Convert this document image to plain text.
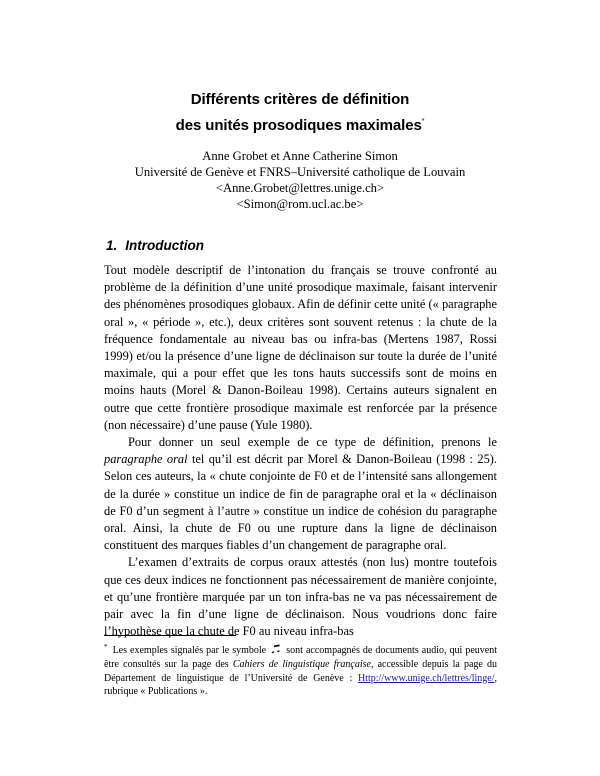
Différents critères de définition
des unités prosodiques maximales*
Anne Grobet et Anne Catherine Simon
Université de Genève et FNRS–Université catholique de Louvain
<Anne.Grobet@lettres.unige.ch>
<Simon@rom.ucl.ac.be>
1. Introduction

Tout modèle descriptif de l’intonation du français se trouve confronté au problème de la définition d’une unité prosodique maximale, faisant intervenir des phénomènes prosodiques globaux. Afin de définir cette unité (« paragraphe oral », « période », etc.), deux critères sont souvent retenus : la chute de la fréquence fondamentale au niveau bas ou infra-bas (Mertens 1987, Rossi 1999) et/ou la présence d’une ligne de déclinaison sur toute la durée de l’unité maximale, qui a pour effet que les tons hauts successifs sont de moins en moins hauts (Morel & Danon-Boileau 1998). Certains auteurs signalent en outre que cette frontière prosodique maximale est renforcée par la présence (non nécessaire) d’une pause (Yule 1980).

Pour donner un seul exemple de ce type de définition, prenons le paragraphe oral tel qu’il est décrit par Morel & Danon-Boileau (1998 : 25). Selon ces auteurs, la « chute conjointe de F0 et de l’intensité sans allongement de la durée » constitue un indice de fin de paragraphe oral et la « déclinaison de F0 d’un segment à l’autre » constitue un indice de cohésion du paragraphe oral. Ainsi, la chute de F0 ou une rupture dans la ligne de déclinaison constituent des marques fiables d’un changement de paragraphe oral.

L’examen d’extraits de corpus oraux attestés (non lus) montre toutefois que ces deux indices ne fonctionnent pas nécessairement de manière conjointe, et qu’une frontière marquée par un ton infra-bas ne va pas nécessairement de pair avec la fin d’une ligne de déclinaison. Nous voudrions donc faire l’hypothèse que la chute de F0 au niveau infra-bas

* Les exemples signalés par le symbole sont accompagnés de documents audio, qui peuvent être consultés sur la page des Cahiers de linguistique française, accessible depuis la page du Département de linguistique de l’Université de Genève : Http://www.unige.ch/lettres/linge/, rubrique « Publications ».
